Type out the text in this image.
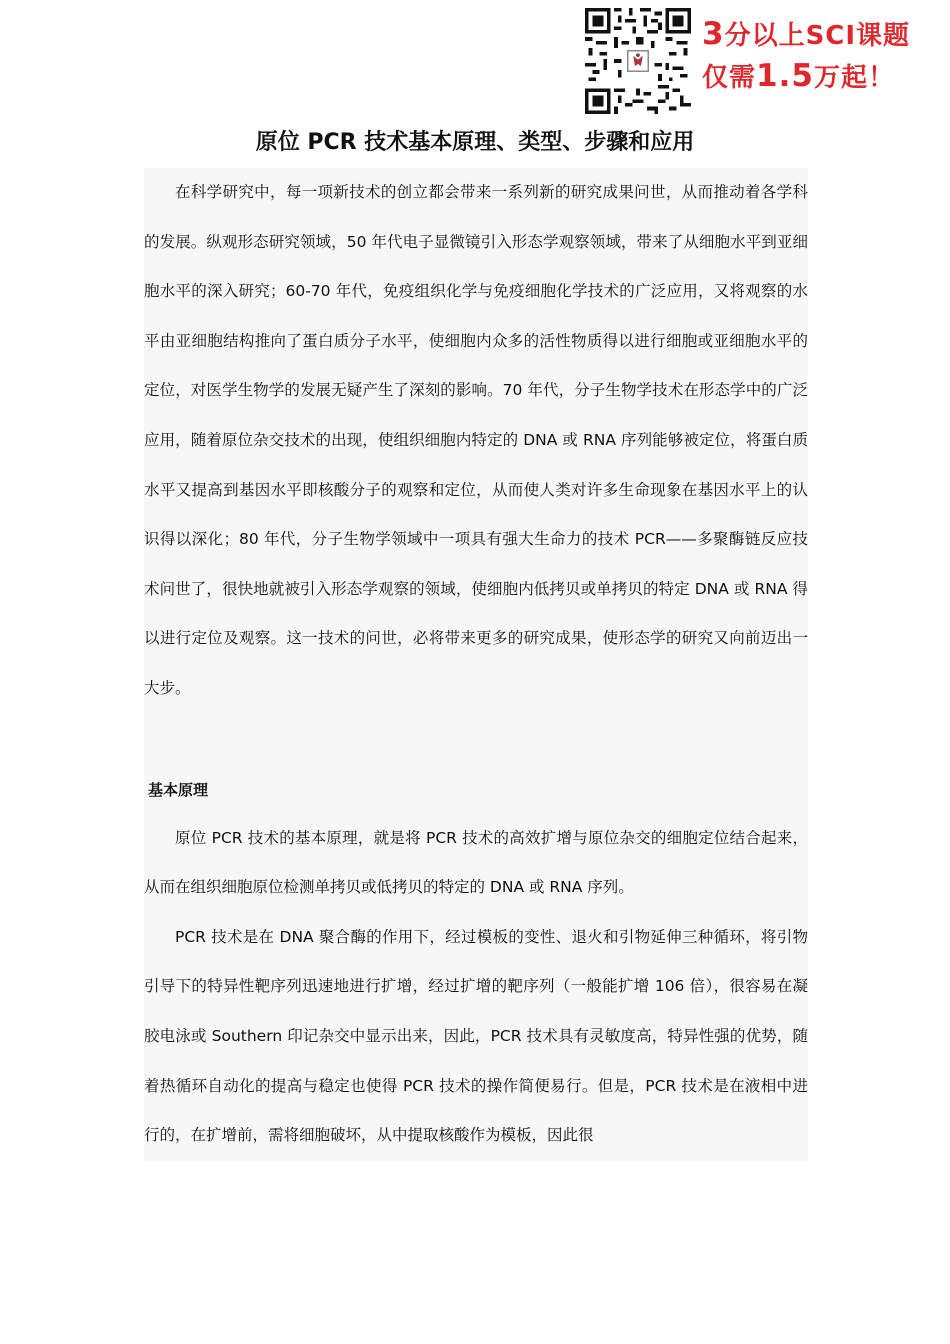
3分以上SCI课题
仅需1.5万起！
原位 PCR 技术基本原理、类型、步骤和应用

在科学研究中，每一项新技术的创立都会带来一系列新的研究成果问世，从而推动着各学科的发展。纵观形态研究领域，50 年代电子显微镜引入形态学观察领域，带来了从细胞水平到亚细胞水平的深入研究；60-70 年代，免疫组织化学与免疫细胞化学技术的广泛应用，又将观察的水平由亚细胞结构推向了蛋白质分子水平，使细胞内众多的活性物质得以进行细胞或亚细胞水平的定位，对医学生物学的发展无疑产生了深刻的影响。70 年代，分子生物学技术在形态学中的广泛应用，随着原位杂交技术的出现，使组织细胞内特定的 DNA 或 RNA 序列能够被定位，将蛋白质水平又提高到基因水平即核酸分子的观察和定位，从而使人类对许多生命现象在基因水平上的认识得以深化；80 年代，分子生物学领域中一项具有强大生命力的技术 PCR——多聚酶链反应技术问世了，很快地就被引入形态学观察的领域，使细胞内低拷贝或单拷贝的特定 DNA 或 RNA 得以进行定位及观察。这一技术的问世，必将带来更多的研究成果，使形态学的研究又向前迈出一大步。

基本原理

原位 PCR 技术的基本原理，就是将 PCR 技术的高效扩增与原位杂交的细胞定位结合起来，从而在组织细胞原位检测单拷贝或低拷贝的特定的 DNA 或 RNA 序列。

PCR 技术是在 DNA 聚合酶的作用下，经过模板的变性、退火和引物延伸三种循环，将引物引导下的特异性靶序列迅速地进行扩增，经过扩增的靶序列（一般能扩增 106 倍），很容易在凝胶电泳或 Southern 印记杂交中显示出来，因此，PCR 技术具有灵敏度高，特异性强的优势，随着热循环自动化的提高与稳定也使得 PCR 技术的操作简便易行。但是，PCR 技术是在液相中进行的，在扩增前，需将细胞破坏，从中提取核酸作为模板，因此很
